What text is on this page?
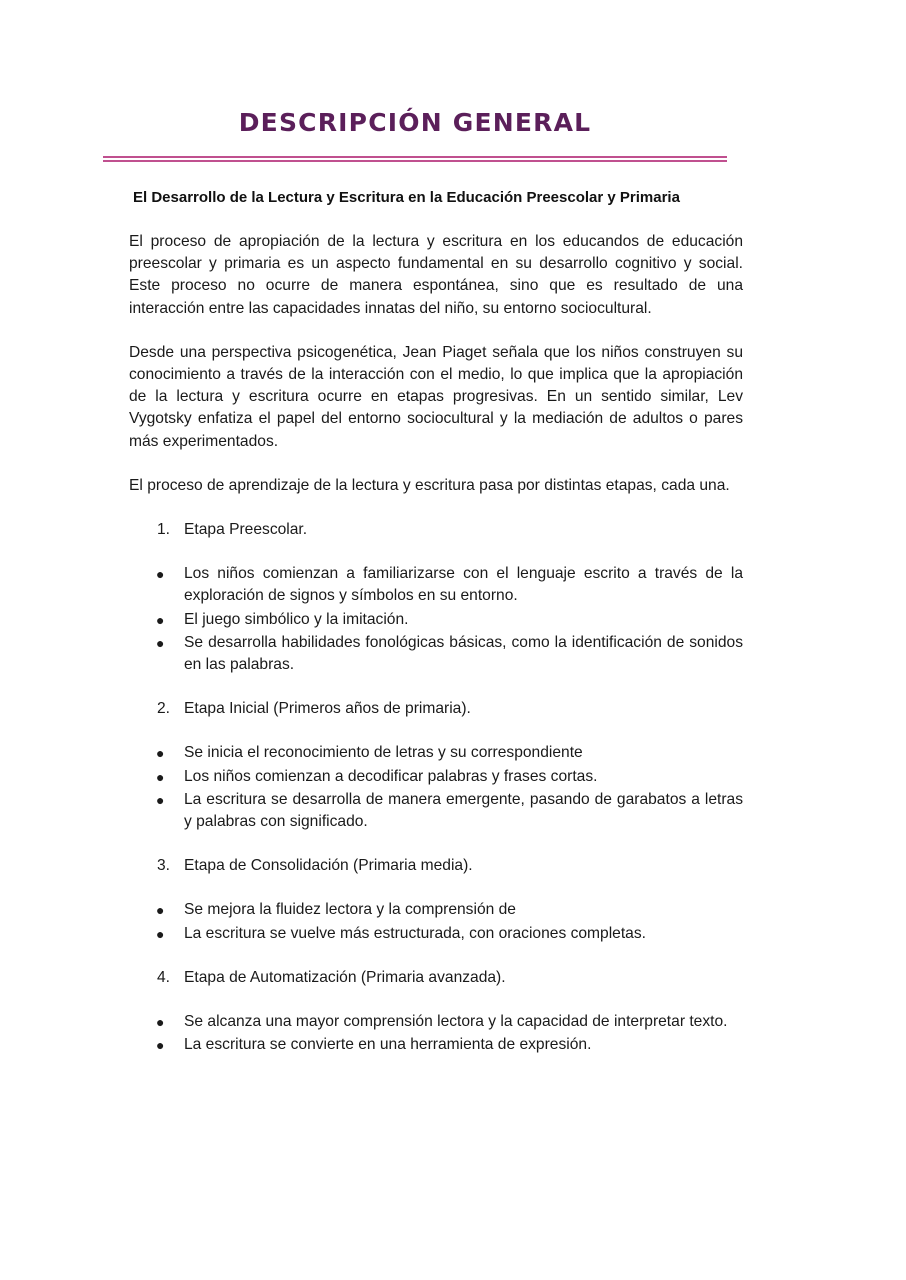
DESCRIPCIÓN GENERAL
El Desarrollo de la Lectura y Escritura en la Educación Preescolar y Primaria

El proceso de apropiación de la lectura y escritura en los educandos de educación preescolar y primaria es un aspecto fundamental en su desarrollo cognitivo y social. Este proceso no ocurre de manera espontánea, sino que es resultado de una interacción entre las capacidades innatas del niño, su entorno sociocultural.

Desde una perspectiva psicogenética, Jean Piaget señala que los niños construyen su conocimiento a través de la interacción con el medio, lo que implica que la apropiación de la lectura y escritura ocurre en etapas progresivas. En un sentido similar, Lev Vygotsky enfatiza el papel del entorno sociocultural y la mediación de adultos o pares más experimentados.

El proceso de aprendizaje de la lectura y escritura pasa por distintas etapas, cada una.

1. Etapa Preescolar.
● Los niños comienzan a familiarizarse con el lenguaje escrito a través de la exploración de signos y símbolos en su entorno.
● El juego simbólico y la imitación.
● Se desarrolla habilidades fonológicas básicas, como la identificación de sonidos en las palabras.
2. Etapa Inicial (Primeros años de primaria).
● Se inicia el reconocimiento de letras y su correspondiente
● Los niños comienzan a decodificar palabras y frases cortas.
● La escritura se desarrolla de manera emergente, pasando de garabatos a letras y palabras con significado.
3. Etapa de Consolidación (Primaria media).
● Se mejora la fluidez lectora y la comprensión de
● La escritura se vuelve más estructurada, con oraciones completas.
4. Etapa de Automatización (Primaria avanzada).
● Se alcanza una mayor comprensión lectora y la capacidad de interpretar texto.
● La escritura se convierte en una herramienta de expresión.
